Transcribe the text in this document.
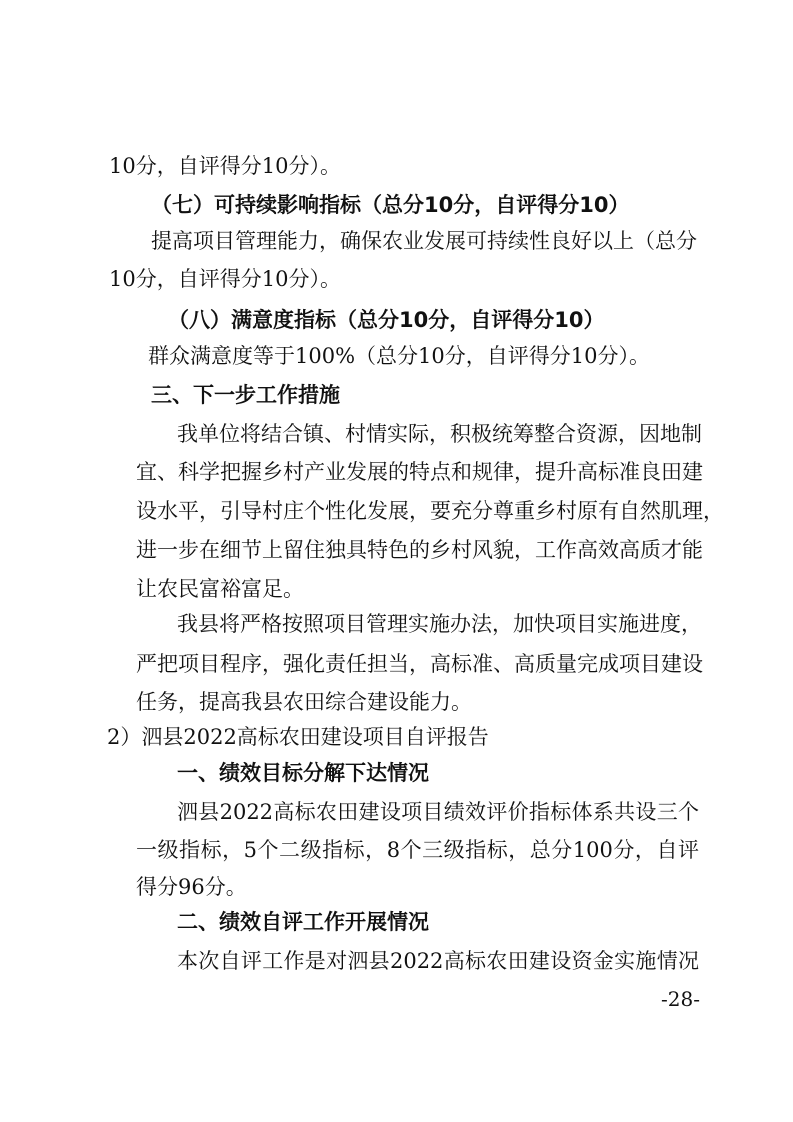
10分，自评得分10分）。
（七）可持续影响指标（总分10分，自评得分10）
提高项目管理能力，确保农业发展可持续性良好以上（总分
10分，自评得分10分）。
（八）满意度指标（总分10分，自评得分10）
群众满意度等于100%（总分10分，自评得分10分）。
三、下一步工作措施
我单位将结合镇、村情实际，积极统筹整合资源，因地制
宜、科学把握乡村产业发展的特点和规律，提升高标准良田建
设水平，引导村庄个性化发展，要充分尊重乡村原有自然肌理，
进一步在细节上留住独具特色的乡村风貌，工作高效高质才能
让农民富裕富足。
我县将严格按照项目管理实施办法，加快项目实施进度，
严把项目程序，强化责任担当，高标准、高质量完成项目建设
任务，提高我县农田综合建设能力。
2）泗县2022高标农田建设项目自评报告
一、绩效目标分解下达情况
泗县2022高标农田建设项目绩效评价指标体系共设三个
一级指标，5个二级指标，8个三级指标，总分100分，自评
得分96分。
二、绩效自评工作开展情况
本次自评工作是对泗县2022高标农田建设资金实施情况
-28-
